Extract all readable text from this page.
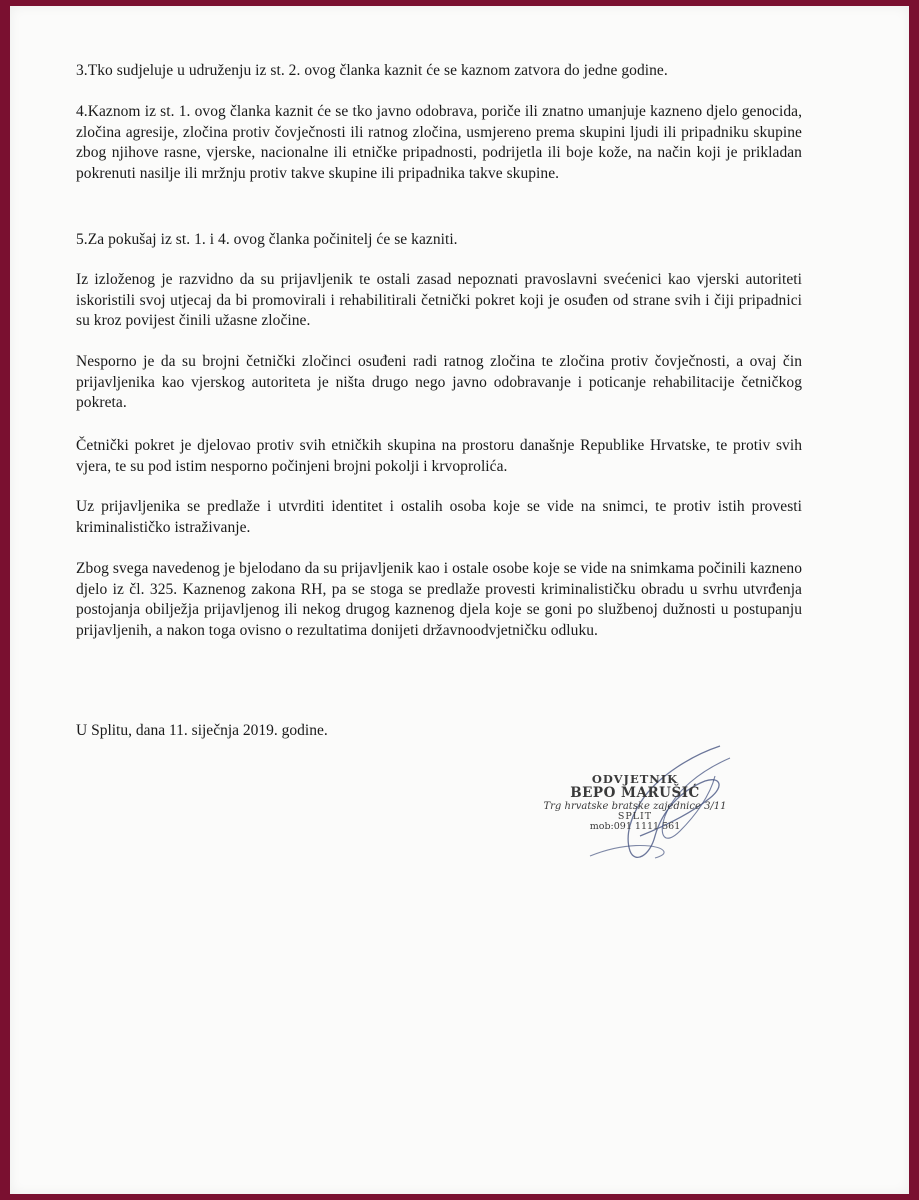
3.Tko sudjeluje u udruženju iz st. 2. ovog članka kaznit će se kaznom zatvora do jedne godine.

4.Kaznom iz st. 1. ovog članka kaznit će se tko javno odobrava, poriče ili znatno umanjuje kazneno djelo genocida, zločina agresije, zločina protiv čovječnosti ili ratnog zločina, usmjereno prema skupini ljudi ili pripadniku skupine zbog njihove rasne, vjerske, nacionalne ili etničke pripadnosti, podrijetla ili boje kože, na način koji je prikladan pokrenuti nasilje ili mržnju protiv takve skupine ili pripadnika takve skupine.

5.Za pokušaj iz st. 1. i 4. ovog članka počinitelj će se kazniti.

Iz izloženog je razvidno da su prijavljenik te ostali zasad nepoznati pravoslavni svećenici kao vjerski autoriteti iskoristili svoj utjecaj da bi promovirali i rehabilitirali četnički pokret koji je osuđen od strane svih i čiji pripadnici su kroz povijest činili užasne zločine.

Nesporno je da su brojni četnički zločinci osuđeni radi ratnog zločina te zločina protiv čovječnosti, a ovaj čin prijavljenika kao vjerskog autoriteta je ništa drugo nego javno odobravanje i poticanje rehabilitacije četničkog pokreta.

Četnički pokret je djelovao protiv svih etničkih skupina na prostoru današnje Republike Hrvatske, te protiv svih vjera, te su pod istim nesporno počinjeni brojni pokolji i krvoprolića.

Uz prijavljenika se predlaže i utvrditi identitet i ostalih osoba koje se vide na snimci, te protiv istih provesti kriminalističko istraživanje.

Zbog svega navedenog je bjelodano da su prijavljenik kao i ostale osobe koje se vide na snimkama počinili kazneno djelo iz čl. 325. Kaznenog zakona RH, pa se stoga se predlaže provesti kriminalističku obradu u svrhu utvrđenja postojanja obilježja prijavljenog ili nekog drugog kaznenog djela koje se goni po službenoj dužnosti u postupanju prijavljenih, a nakon toga ovisno o rezultatima donijeti državnoodvjetničku odluku.

U Splitu, dana 11. siječnja 2019. godine.
ODVJETNIK
BEPO MARUŠIĆ
Trg hrvatske bratske zajednice 3/11
SPLIT
mob:091 1111 561
